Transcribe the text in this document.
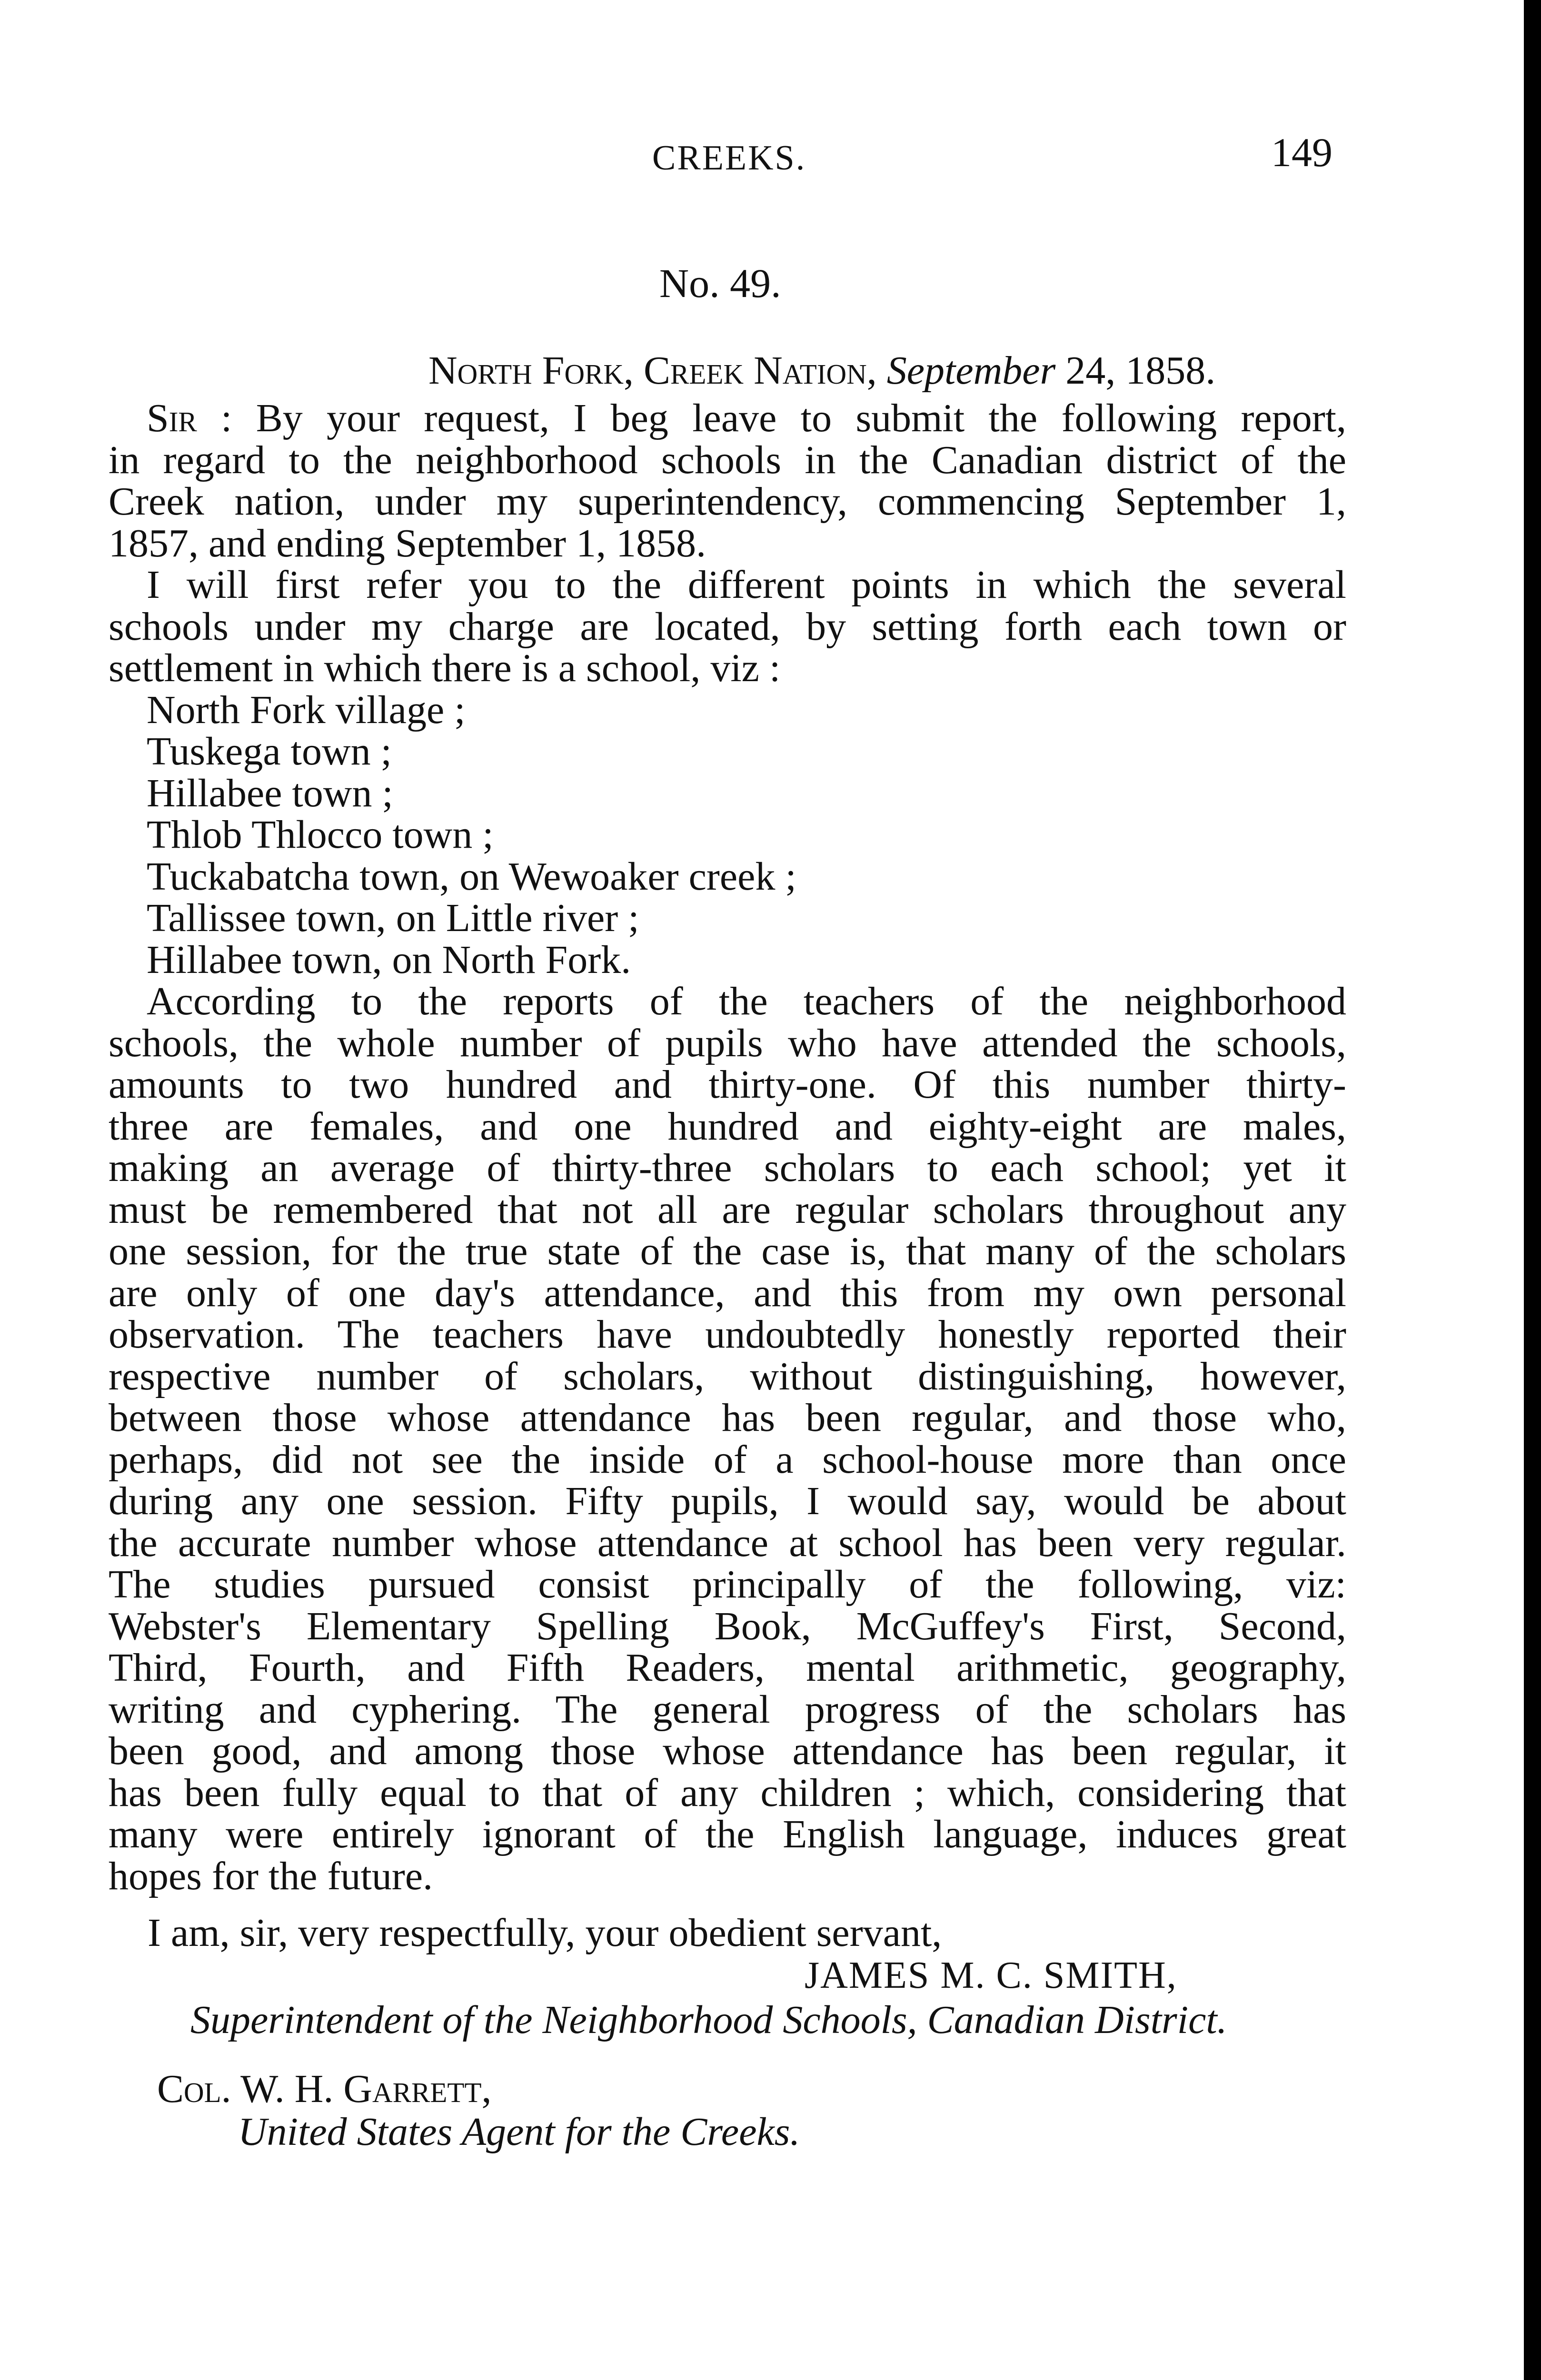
CREEKS.	149
No. 49.
North Fork, Creek Nation, September 24, 1858.
Sir : By your request, I beg leave to submit the following report,
in regard to the neighborhood schools in the Canadian district of the
Creek nation, under my superintendency, commencing September 1,
1857, and ending September 1, 1858.
I will first refer you to the different points in which the several
schools under my charge are located, by setting forth each town or
settlement in which there is a school, viz :
North Fork village ;
Tuskega town ;
Hillabee town ;
Thlob Thlocco town ;
Tuckabatcha town, on Wewoaker creek ;
Tallissee town, on Little river ;
Hillabee town, on North Fork.
According to the reports of the teachers of the neighborhood
schools, the whole number of pupils who have attended the schools,
amounts to two hundred and thirty-one. Of this number thirty-
three are females, and one hundred and eighty-eight are males,
making an average of thirty-three scholars to each school; yet it
must be remembered that not all are regular scholars throughout any
one session, for the true state of the case is, that many of the scholars
are only of one day's attendance, and this from my own personal
observation. The teachers have undoubtedly honestly reported their
respective number of scholars, without distinguishing, however,
between those whose attendance has been regular, and those who,
perhaps, did not see the inside of a school-house more than once
during any one session. Fifty pupils, I would say, would be about
the accurate number whose attendance at school has been very regular.
The studies pursued consist principally of the following, viz:
Webster's Elementary Spelling Book, McGuffey's First, Second,
Third, Fourth, and Fifth Readers, mental arithmetic, geography,
writing and cyphering. The general progress of the scholars has
been good, and among those whose attendance has been regular, it
has been fully equal to that of any children ; which, considering that
many were entirely ignorant of the English language, induces great
hopes for the future.
I am, sir, very respectfully, your obedient servant,
JAMES M. C. SMITH,
Superintendent of the Neighborhood Schools, Canadian District.
Col. W. H. Garrett,
United States Agent for the Creeks.
